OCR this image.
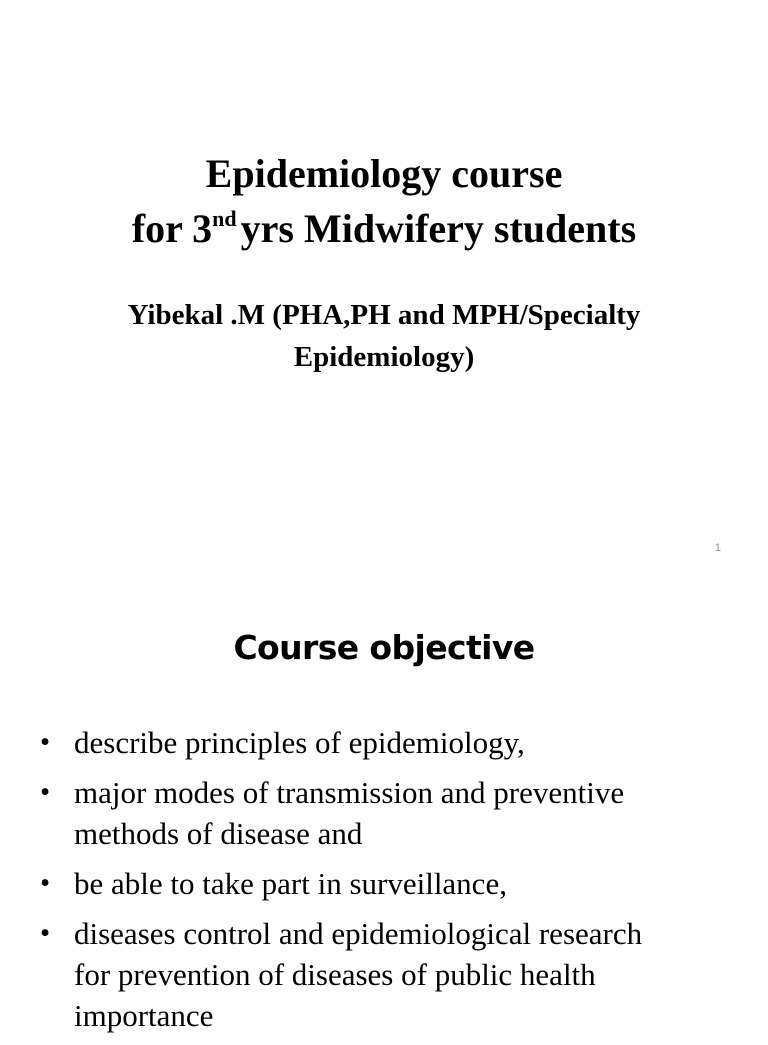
Epidemiology course
for 3nd yrs Midwifery students
Yibekal .M (PHA,PH and MPH/Specialty
Epidemiology)
1
Course objective
• describe principles of epidemiology,
• major modes of transmission and preventive
methods of disease and
• be able to take part in surveillance,
• diseases control and epidemiological research
for prevention of diseases of public health
importance
